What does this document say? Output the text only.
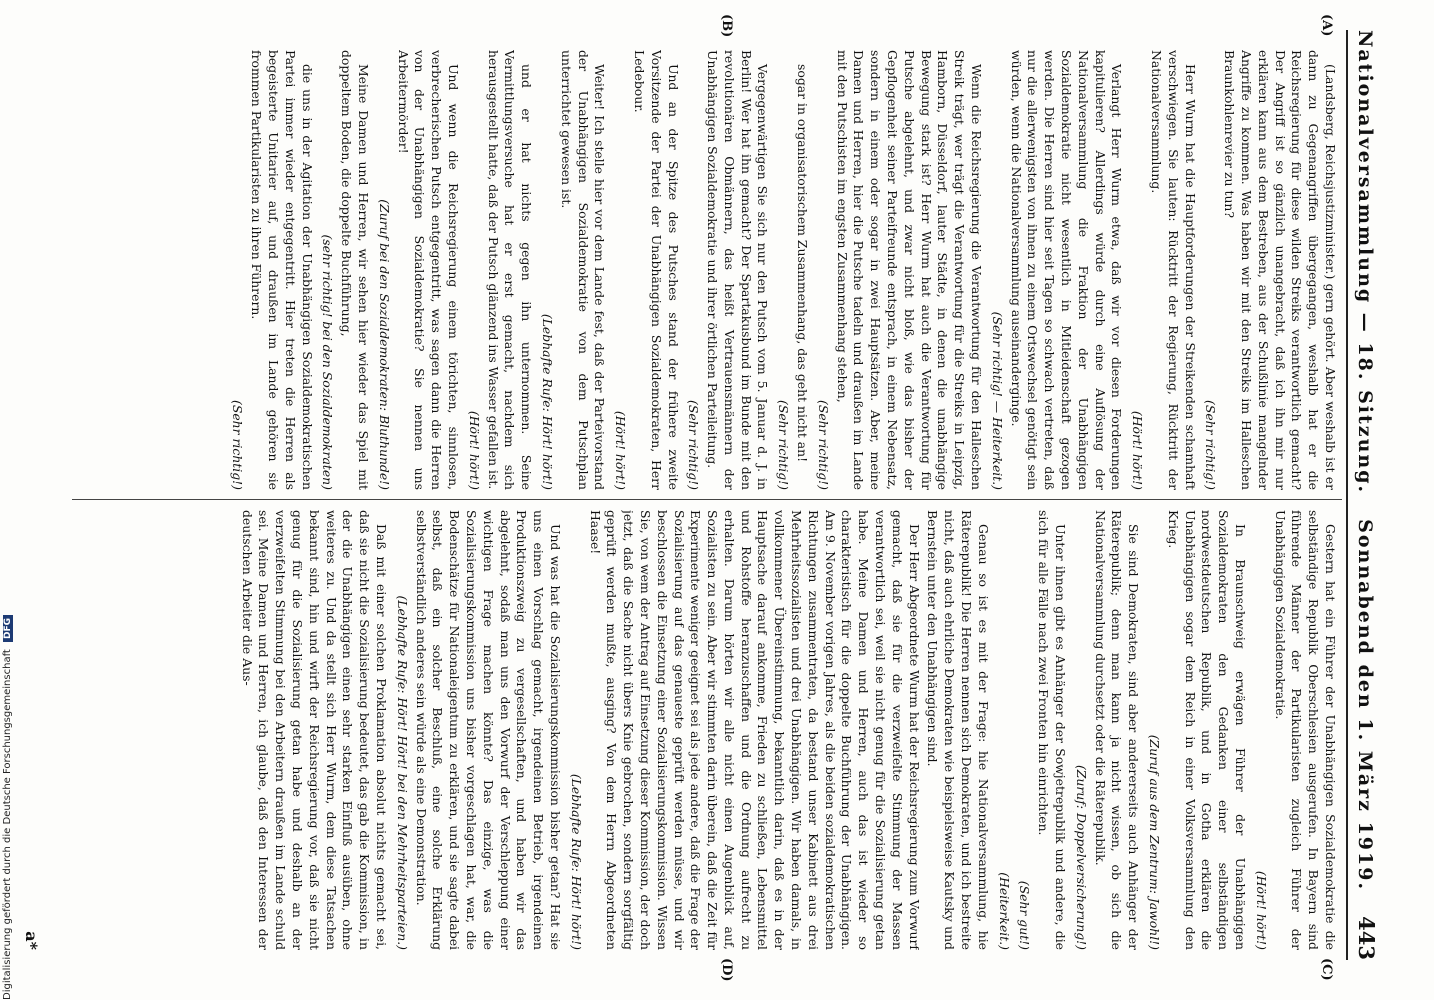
Nationalversammlung — 18. Sitzung.
Sonnabend den 1. März 1919.
443
(A)
(B)
(C)
(D)

(Landsberg, Reichsjustizminister.) gern gehört. Aber weshalb ist er dann zu Gegenangriffen übergegangen, weshalb hat er die Reichsregierung für diese wilden Streiks verantwortlich gemacht? Der Angriff ist so gänzlich unangebracht, daß ich ihn mir nur erklären kann aus dem Bestreben, aus der Schußlinie mangelnder Angriffe zu kommen. Was haben wir mit den Streiks im Halleschen Braunkohlenrevier zu tun?

(Sehr richtig!)

Herr Wurm hat die Hauptforderungen der Streikenden schamhaft verschwiegen. Sie lauten: Rücktritt der Regierung, Rücktritt der Nationalversammlung.

(Hört! hört!)

Verlangt Herr Wurm etwa, daß wir vor diesen Forderungen kapitulieren? Allerdings würde durch eine Auflösung der Nationalversammlung die Fraktion der Unabhängigen Sozialdemokratie nicht wesentlich in Mitleidenschaft gezogen werden. Die Herren sind hier seit Tagen so schwach vertreten, daß nur die allerwenigsten von ihnen zu einem Ortswechsel genötigt sein würden, wenn die Nationalversammlung auseinanderginge.

(Sehr richtig! — Heiterkeit.)

Wenn die Reichsregierung die Verantwortung für den Halleschen Streik trägt, wer trägt die Verantwortung für die Streiks in Leipzig, Hamborn, Düsseldorf, lauter Städte, in denen die unabhängige Bewegung stark ist? Herr Wurm hat auch die Verantwortung für Putsche abgelehnt, und zwar nicht bloß, wie das bisher der Gepflogenheit seiner Parteifreunde entsprach, in einem Nebensatz, sondern in einem oder sogar in zwei Hauptsätzen. Aber, meine Damen und Herren, hier die Putsche tadeln und draußen im Lande mit den Putschisten im engsten Zusammenhang stehen,

(Sehr richtig!)

sogar in organisatorischem Zusammenhang, das geht nicht an!

(Sehr richtig!)

Vergegenwärtigen Sie sich nur den Putsch vom 5. Januar d. J. in Berlin! Wer hat ihn gemacht? Der Spartakusbund im Bunde mit den revolutionären Obmännern, das heißt Vertrauensmännern der Unabhängigen Sozialdemokratie und ihrer örtlichen Parteileitung.

(Sehr richtig!)

Und an der Spitze des Putsches stand der frühere zweite Vorsitzende der Partei der Unabhängigen Sozialdemokraten, Herr Ledebour.

(Hört! hört!)

Weiter! Ich stelle hier vor dem Lande fest, daß der Parteivorstand der Unabhängigen Sozialdemokratie von dem Putschplan unterrichtet gewesen ist.

(Lebhafte Rufe: Hört! hört!)

und er hat nichts gegen ihn unternommen. Seine Vermittlungsversuche hat er erst gemacht, nachdem sich herausgestellt hatte, daß der Putsch glänzend ins Wasser gefallen ist.

(Hört! hört!)

Und wenn die Reichsregierung einem törichten, sinnlosen, verbrecherischen Putsch entgegentritt, was sagen dann die Herren von der Unabhängigen Sozialdemokratie? Sie nennen uns Arbeitermörder!

(Zuruf bei den Sozialdemokraten: Bluthunde!)

Meine Damen und Herren, wir sehen hier wieder das Spiel mit doppeltem Boden, die doppelte Buchführung,

(sehr richtig! bei den Sozialdemokraten)

die uns in der Agitation der Unabhängigen Sozialdemokratischen Partei immer wieder entgegentritt. Hier treten die Herren als begeisterte Unitarier auf, und draußen im Lande gehören sie frommen Partikularisten zu ihren Führern.

(Sehr richtig!)

Gestern hat ein Führer der Unabhängigen Sozialdemokratie die selbständige Republik Oberschlesien ausgerufen. In Bayern sind führende Männer der Partikularisten zugleich Führer der Unabhängigen Sozialdemokratie.

(Hört! hört!)

In Braunschweig erwägen Führer der Unabhängigen Sozialdemokraten den Gedanken einer selbständigen nordwestdeutschen Republik, und in Gotha erklären die Unabhängigen sogar dem Reich in einer Volksversammlung den Krieg.

(Zuruf aus dem Zentrum: Jawohl!)

Sie sind Demokraten, sind aber andererseits auch Anhänger der Räterepublik; denn man kann ja nicht wissen, ob sich die Nationalversammlung durchsetzt oder die Räterepublik.

(Zuruf: Doppelversicherung!)

Unter ihnen gibt es Anhänger der Sowjetrepublik und andere, die sich für alle Fälle nach zwei Fronten hin einrichten.

(Sehr gut!)

(Heiterkeit.)

Genau so ist es mit der Frage: hie Nationalversammlung, hie Räterepublik! Die Herren nennen sich Demokraten, und ich bestreite nicht, daß auch ehrliche Demokraten wie beispielsweise Kautsky und Bernstein unter den Unabhängigen sind.

Der Herr Abgeordnete Wurm hat der Reichsregierung zum Vorwurf gemacht, daß sie für die verzweifelte Stimmung der Massen verantwortlich sei, weil sie nicht genug für die Sozialisierung getan habe. Meine Damen und Herren, auch das ist wieder so charakteristisch für die doppelte Buchführung der Unabhängigen. Am 9. November vorigen Jahres, als die beiden sozialdemokratischen Richtungen zusammentraten, da bestand unser Kabinett aus drei Mehrheitssozialisten und drei Unabhängigen. Wir haben damals, in vollkommener Übereinstimmung, bekanntlich darin, daß es in der Hauptsache darauf ankomme, Frieden zu schließen, Lebensmittel und Rohstoffe heranzuschaffen und die Ordnung aufrecht zu erhalten. Darum hörten wir alle nicht einen Augenblick auf, Sozialisten zu sein. Aber wir stimmten darin überein, daß die Zeit für Experimente weniger geeignet sei als jede andere, daß die Frage der Sozialisierung auf das genaueste geprüft werden müsse, und wir beschlossen die Einsetzung einer Sozialisierungskommission. Wissen Sie, von wem der Antrag auf Einsetzung dieser Kommission, der doch jetzt, daß die Sache nicht übers Knie gebrochen, sondern sorgfältig geprüft werden mußte, ausging? Von dem Herrn Abgeordneten Haase!

(Lebhafte Rufe: Hört! hört!)

Und was hat die Sozialisierungskommission bisher getan? Hat sie uns einen Vorschlag gemacht, irgendeinen Betrieb, irgendeinen Produktionszweig zu vergesellschaften, und haben wir das abgelehnt, sodaß man uns den Vorwurf der Verschleppung einer wichtigen Frage machen könnte? Das einzige, was die Sozialisierungskommission uns bisher vorgeschlagen hat, war, die Bodenschätze für Nationaleigentum zu erklären, und sie sagte dabei selbst, daß ein solcher Beschluß, eine solche Erklärung selbstverständlich anderes sein würde als eine Demonstration.

(Lebhafte Rufe: Hört! Hört! bei den Mehrheitsparteien.)

Daß mit einer solchen Proklamation absolut nichts gemacht sei, daß sie nicht die Sozialisierung bedeutet, das gab die Kommission, in der die Unabhängigen einen sehr starken Einfluß ausüben, ohne weiteres zu. Und da stellt sich Herr Wurm, dem diese Tatsachen bekannt sind, hin und wirft der Reichsregierung vor, daß sie nicht genug für die Sozialisierung getan habe und deshalb an der verzweifelten Stimmung bei den Arbeitern draußen im Lande schuld sei. Meine Damen und Herren, ich glaube, daß den Interessen der deutschen Arbeiter die Aus-

a*
Digitalisierung gefördert durch die Deutsche Forschungsgemeinschaft DFG
